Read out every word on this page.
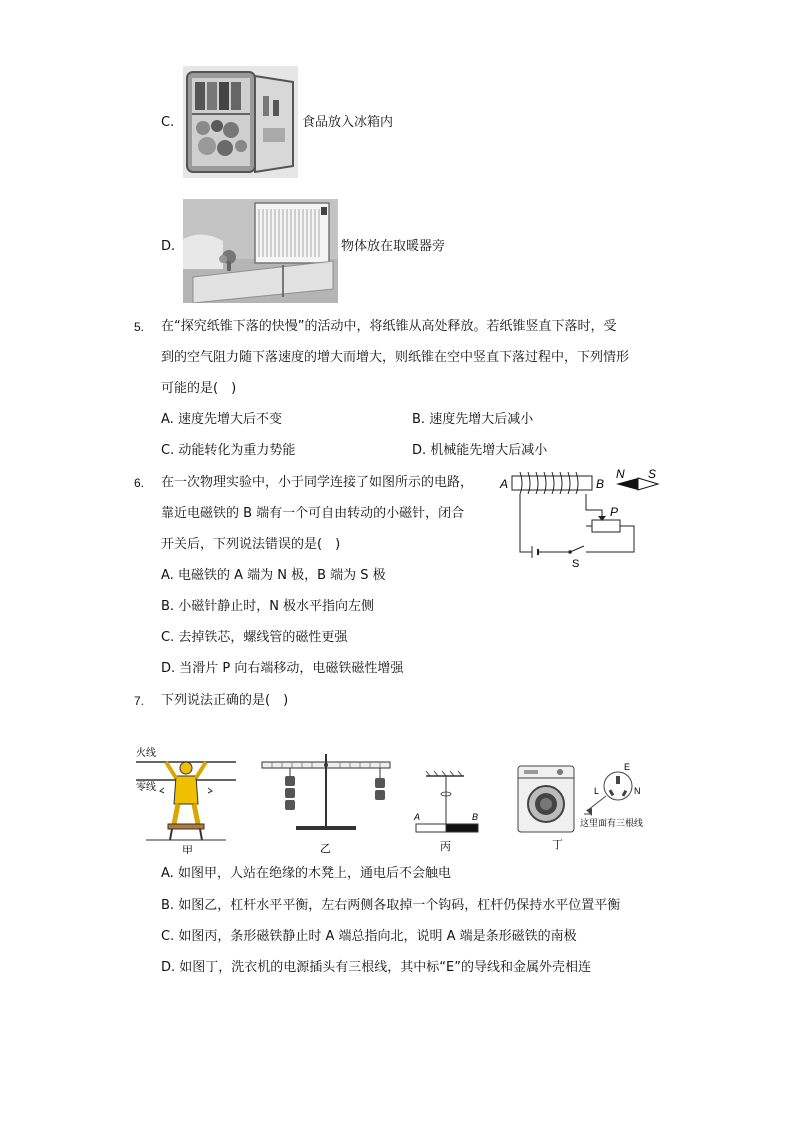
C.	食品放入冰箱内
D.	物体放在取暖器旁
5. 在“探究纸锥下落的快慢”的活动中，将纸锥从高处释放。若纸锥竖直下落时，受
到的空气阻力随下落速度的增大而增大，则纸锥在空中竖直下落过程中，下列情形
可能的是(　)
A. 速度先增大后不变	B. 速度先增大后减小
C. 动能转化为重力势能	D. 机械能先增大后减小
6. 在一次物理实验中，小于同学连接了如图所示的电路，
靠近电磁铁的 B 端有一个可自由转动的小磁针，闭合
开关后，下列说法错误的是(　)
A	B
N S
S
P
A. 电磁铁的 A 端为 N 极，B 端为 S 极
B. 小磁针静止时，N 极水平指向左侧
C. 去掉铁芯，螺线管的磁性更强
D. 当滑片 P 向右端移动，电磁铁磁性增强
7. 下列说法正确的是(　)
火线
零线
甲	乙
A	B
丙
E
L	N
这里面有三根线
丁
A. 如图甲，人站在绝缘的木凳上，通电后不会触电
B. 如图乙，杠杆水平平衡，左右两侧各取掉一个钩码，杠杆仍保持水平位置平衡
C. 如图丙，条形磁铁静止时 A 端总指向北，说明 A 端是条形磁铁的南极
D. 如图丁，洗衣机的电源插头有三根线，其中标“E”的导线和金属外壳相连
